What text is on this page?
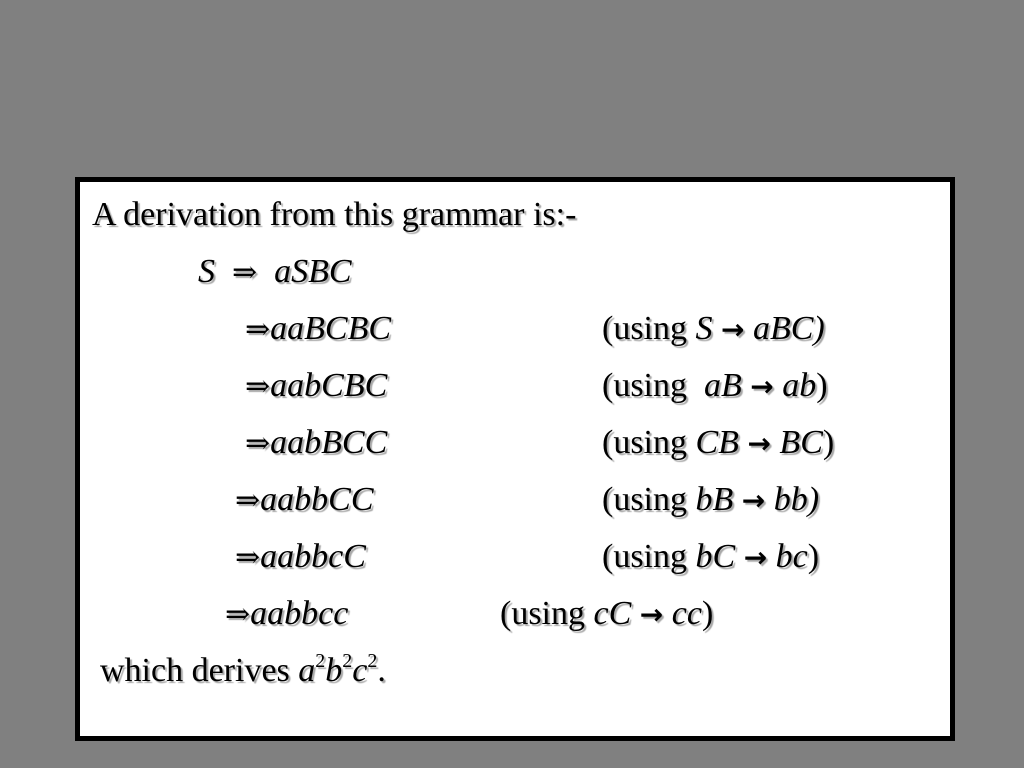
A derivation from this grammar is:-
S ⇒ aSBC
⇒aaBCBC	(using S → aBC)
⇒aabCBC	(using aB → ab)
⇒aabBCC	(using CB → BC)
⇒aabbCC	(using bB → bb)
⇒aabbcC	(using bC → bc)
⇒aabbcc	(using cC → cc)
which derives $a^2b^2c^2$.
